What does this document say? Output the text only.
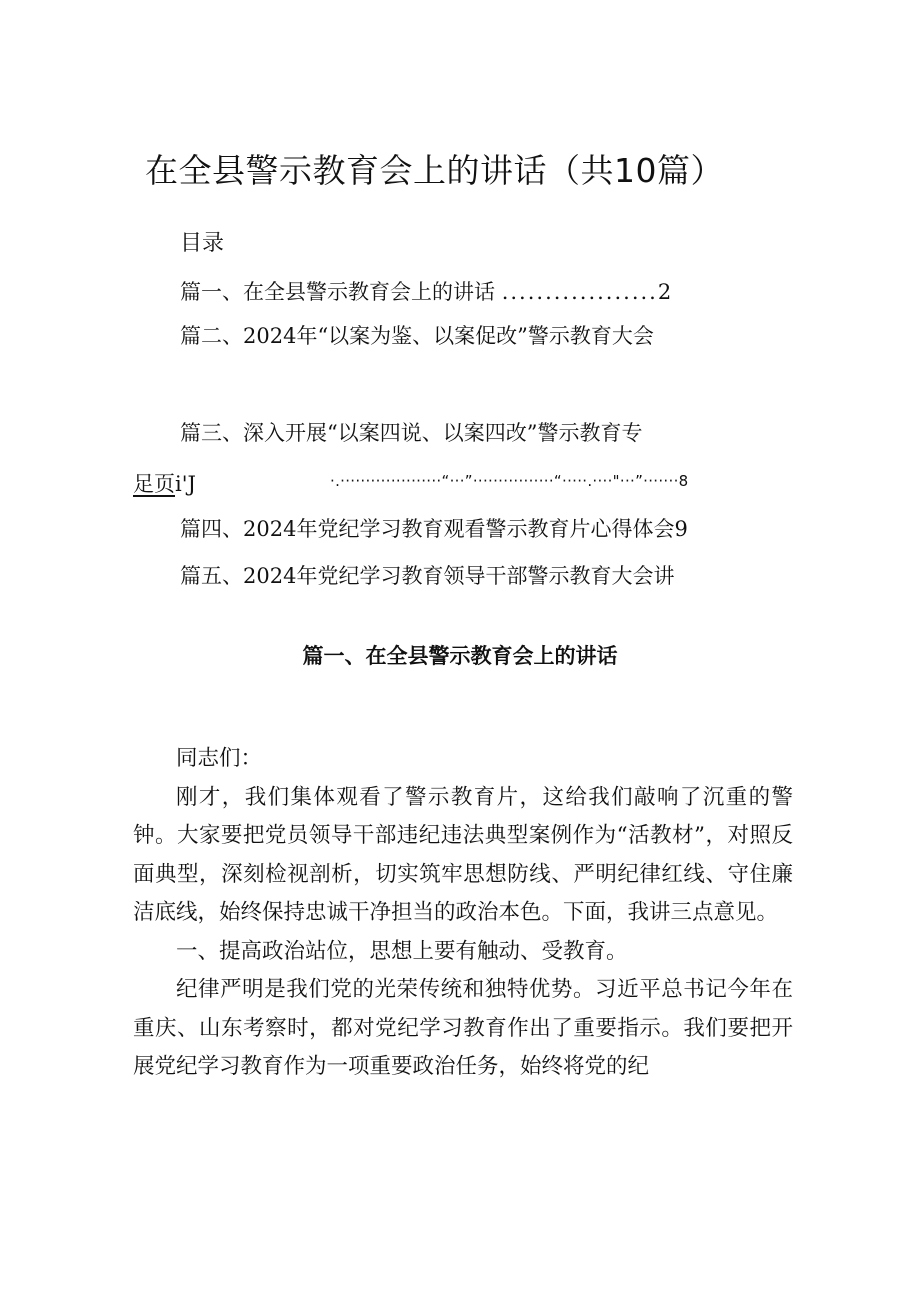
在全县警示教育会上的讲话（共10篇）
目录
篇一、在全县警示教育会上的讲话 ..................2
篇二、2024年“以案为鉴、以案促改”警示教育大会
篇三、深入开展“以案四说、以案四改”警示教育专
足页i'J	·.····················“···”················“·····.····"···”·······8
篇四、2024年党纪学习教育观看警示教育片心得体会9
篇五、2024年党纪学习教育领导干部警示教育大会讲
篇一、在全县警示教育会上的讲话

同志们：

刚才，我们集体观看了警示教育片，这给我们敲响了沉重的警钟。大家要把党员领导干部违纪违法典型案例作为“活教材”，对照反面典型，深刻检视剖析，切实筑牢思想防线、严明纪律红线、守住廉洁底线，始终保持忠诚干净担当的政治本色。下面，我讲三点意见。

一、提高政治站位，思想上要有触动、受教育。

纪律严明是我们党的光荣传统和独特优势。习近平总书记今年在重庆、山东考察时，都对党纪学习教育作出了重要指示。我们要把开展党纪学习教育作为一项重要政治任务，始终将党的纪
